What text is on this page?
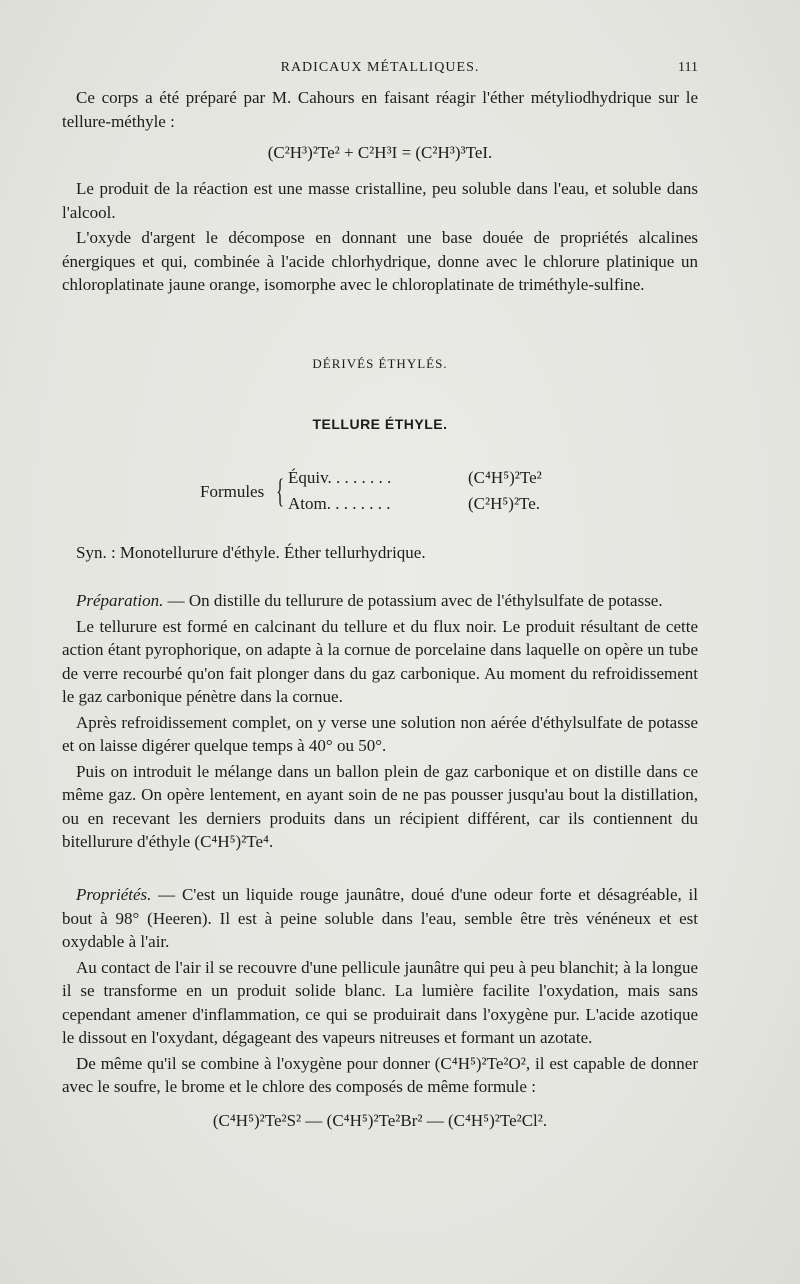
RADICAUX MÉTALLIQUES.	111

Ce corps a été préparé par M. Cahours en faisant réagir l'éther métyliodhydrique sur le tellure-méthyle :

(C²H³)²Te² + C²H³I = (C²H³)³TeI.

Le produit de la réaction est une masse cristalline, peu soluble dans l'eau, et soluble dans l'alcool.

L'oxyde d'argent le décompose en donnant une base douée de propriétés alcalines énergiques et qui, combinée à l'acide chlorhydrique, donne avec le chlorure platinique un chloroplatinate jaune orange, isomorphe avec le chloroplatinate de triméthyle-sulfine.

DÉRIVÉS ÉTHYLÉS.

TELLURE ÉTHYLE.

Formules { Équiv. . . . . . . .	(C⁴H⁵)²Te²
Atom. . . . . . . .	(C²H⁵)²Te.

Syn. : Monotellurure d'éthyle. Éther tellurhydrique.

Préparation. — On distille du tellurure de potassium avec de l'éthylsulfate de potasse.

Le tellurure est formé en calcinant du tellure et du flux noir. Le produit résultant de cette action étant pyrophorique, on adapte à la cornue de porcelaine dans laquelle on opère un tube de verre recourbé qu'on fait plonger dans du gaz carbonique. Au moment du refroidissement le gaz carbonique pénètre dans la cornue.

Après refroidissement complet, on y verse une solution non aérée d'éthylsulfate de potasse et on laisse digérer quelque temps à 40° ou 50°.

Puis on introduit le mélange dans un ballon plein de gaz carbonique et on distille dans ce même gaz. On opère lentement, en ayant soin de ne pas pousser jusqu'au bout la distillation, ou en recevant les derniers produits dans un récipient différent, car ils contiennent du bitellurure d'éthyle (C⁴H⁵)²Te⁴.

Propriétés. — C'est un liquide rouge jaunâtre, doué d'une odeur forte et désagréable, il bout à 98° (Heeren). Il est à peine soluble dans l'eau, semble être très vénéneux et est oxydable à l'air.

Au contact de l'air il se recouvre d'une pellicule jaunâtre qui peu à peu blanchit; à la longue il se transforme en un produit solide blanc. La lumière facilite l'oxydation, mais sans cependant amener d'inflammation, ce qui se produirait dans l'oxygène pur. L'acide azotique le dissout en l'oxydant, dégageant des vapeurs nitreuses et formant un azotate.

De même qu'il se combine à l'oxygène pour donner (C⁴H⁵)²Te²O², il est capable de donner avec le soufre, le brome et le chlore des composés de même formule :

(C⁴H⁵)²Te²S² — (C⁴H⁵)²Te²Br² — (C⁴H⁵)²Te²Cl².
